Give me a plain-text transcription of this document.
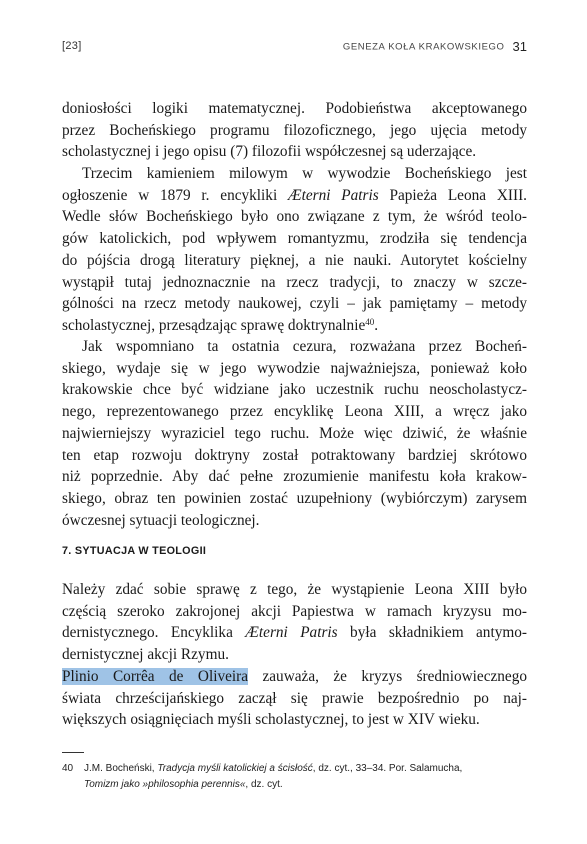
[23]	GENEZA KOŁA KRAKOWSKIEGO 31
doniosłości logiki matematycznej. Podobieństwa akceptowanego
przez Bocheńskiego programu filozoficznego, jego ujęcia metody
scholastycznej i jego opisu (7) filozofii współczesnej są uderzające.
Trzecim kamieniem milowym w wywodzie Bocheńskiego jest
ogłoszenie w 1879 r. encykliki Æterni Patris Papieża Leona XIII.
Wedle słów Bocheńskiego było ono związane z tym, że wśród teolo-
gów katolickich, pod wpływem romantyzmu, zrodziła się tendencja
do pójścia drogą literatury pięknej, a nie nauki. Autorytet kościelny
wystąpił tutaj jednoznacznie na rzecz tradycji, to znaczy w szcze-
gólności na rzecz metody naukowej, czyli – jak pamiętamy – metody
scholastycznej, przesądzając sprawę doktrynalnie$^{40}$.
Jak wspomniano ta ostatnia cezura, rozważana przez Bocheń-
skiego, wydaje się w jego wywodzie najważniejsza, ponieważ koło
krakowskie chce być widziane jako uczestnik ruchu neoscholastycz-
nego, reprezentowanego przez encyklikę Leona XIII, a wręcz jako
najwierniejszy wyraziciel tego ruchu. Może więc dziwić, że właśnie
ten etap rozwoju doktryny został potraktowany bardziej skrótowo
niż poprzednie. Aby dać pełne zrozumienie manifestu koła krakow-
skiego, obraz ten powinien zostać uzupełniony (wybiórczym) zarysem
ówczesnej sytuacji teologicznej.
7. SYTUACJA W TEOLOGII
Należy zdać sobie sprawę z tego, że wystąpienie Leona XIII było
częścią szeroko zakrojonej akcji Papiestwa w ramach kryzysu mo-
dernistycznego. Encyklika Æterni Patris była składnikiem antymo-
dernistycznej akcji Rzymu.
Plinio Corrêa de Oliveira zauważa, że kryzys średniowiecznego
świata chrześcijańskiego zaczął się prawie bezpośrednio po naj-
większych osiągnięciach myśli scholastycznej, to jest w XIV wieku.
40 J.M. Bocheński, Tradycja myśli katolickiej a ścisłość, dz. cyt., 33–34. Por. Salamucha,
Tomizm jako »philosophia perennis«, dz. cyt.
